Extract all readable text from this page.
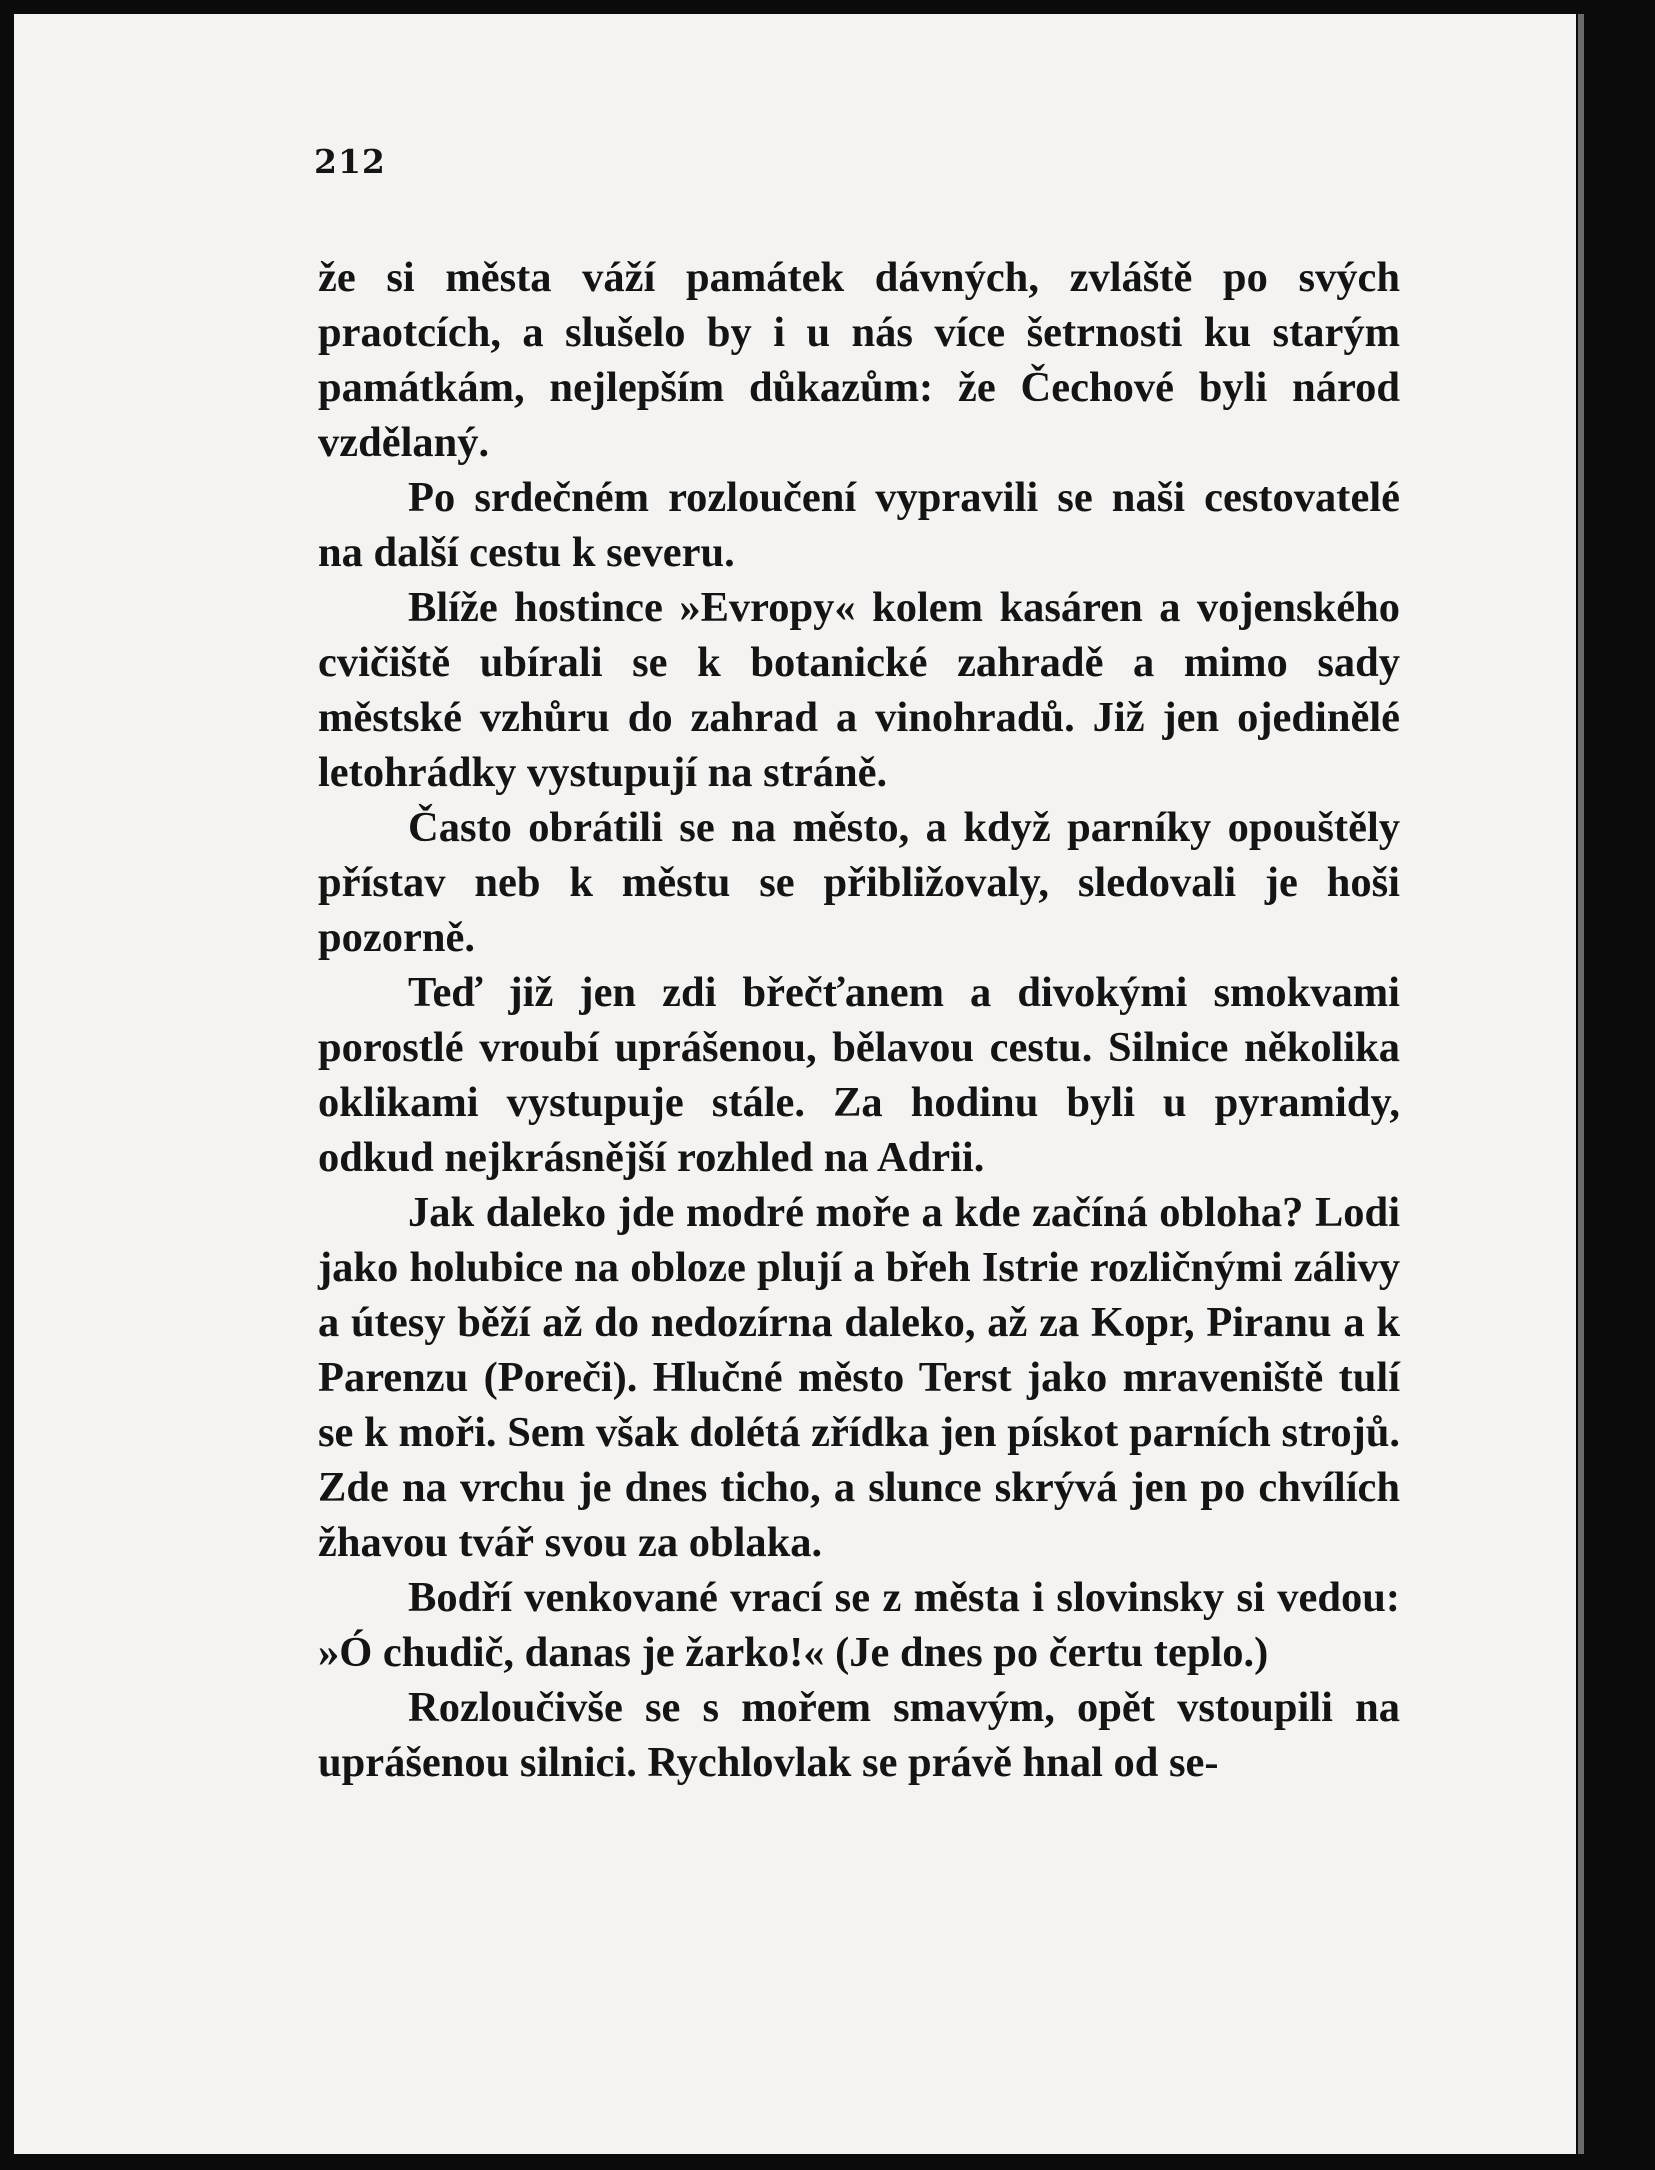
212

že si města váží památek dávných, zvláště po svých praotcích, a slušelo by i u nás více šetrnosti ku starým památkám, nejlepším důkazům: že Čechové byli národ vzdělaný.

Po srdečném rozloučení vypravili se naši cestovatelé na další cestu k severu.

Blíže hostince »Evropy« kolem kasáren a vojenského cvičiště ubírali se k botanické zahradě a mimo sady městské vzhůru do zahrad a vinohradů. Již jen ojedinělé letohrádky vystupují na stráně.

Často obrátili se na město, a když parníky opouštěly přístav neb k městu se přibližovaly, sledovali je hoši pozorně.

Teď již jen zdi břečťanem a divokými smokvami porostlé vroubí uprášenou, bělavou cestu. Silnice několika oklikami vystupuje stále. Za hodinu byli u pyramidy, odkud nejkrásnější rozhled na Adrii.

Jak daleko jde modré moře a kde začíná obloha? Lodi jako holubice na obloze plují a břeh Istrie rozličnými zálivy a útesy běží až do nedozírna daleko, až za Kopr, Piranu a k Parenzu (Poreči). Hlučné město Terst jako mraveniště tulí se k moři. Sem však dolétá zřídka jen pískot parních strojů. Zde na vrchu je dnes ticho, a slunce skrývá jen po chvílích žhavou tvář svou za oblaka.

Bodří venkované vrací se z města i slovinsky si vedou: »Ó chudič, danas je žarko!« (Je dnes po čertu teplo.)

Rozloučivše se s mořem smavým, opět vstoupili na uprášenou silnici. Rychlovlak se právě hnal od se-
